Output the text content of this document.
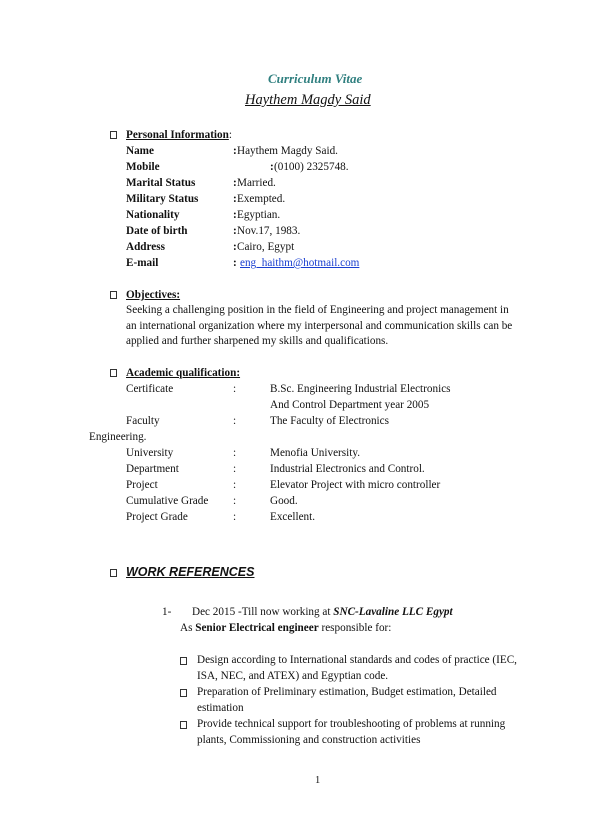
Curriculum Vitae
Haythem Magdy Said
Personal Information:
Name	: Haythem Magdy Said.
Mobile	: (0100) 2325748.
Marital Status	: Married.
Military Status	: Exempted.
Nationality	: Egyptian.
Date of birth	: Nov.17, 1983.
Address	: Cairo, Egypt
E-mail	: eng_haithm@hotmail.com
Objectives:
Seeking a challenging position in the field of Engineering and project management in
an international organization where my interpersonal and communication skills can be
applied and further sharpened my skills and qualifications.
Academic qualification:
Certificate	:	B.Sc. Engineering Industrial Electronics
And Control Department year 2005
Faculty	:	The Faculty of Electronics
Engineering.
University	:	Menofia University.
Department	:	Industrial Electronics and Control.
Project	:	Elevator Project with micro controller
Cumulative Grade :	Good.
Project Grade	:	Excellent.
WORK REFERENCES
1- Dec 2015 -Till now working at SNC-Lavaline LLC Egypt
As Senior Electrical engineer responsible for:
Design according to International standards and codes of practice (IEC,
ISA, NEC, and ATEX) and Egyptian code.
Preparation of Preliminary estimation, Budget estimation, Detailed
estimation
Provide technical support for troubleshooting of problems at running
plants, Commissioning and construction activities
1
